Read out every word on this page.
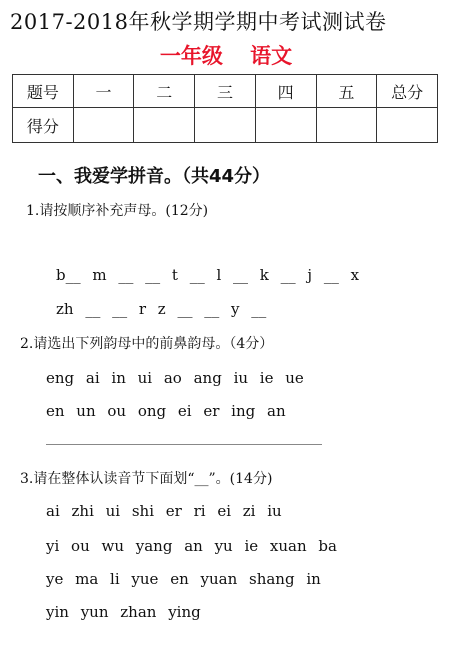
2017-2018年秋学期学期中考试测试卷
一年级 语文
题号	一	二	三	四	五	总分
得分						
一、我爱学拼音。（共44分）
1.请按顺序补充声母。(12分)
b__ m __ __ t __ l __ k __ j __ x
zh __ __ r z __ __ y __
2.请选出下列韵母中的前鼻韵母。（4分）
eng ai in ui ao ang iu ie ue
en un ou ong ei er ing an
3.请在整体认读音节下面划“__”。(14分)
ai zhi ui shi er ri ei zi iu
yi ou wu yang an yu ie xuan ba
ye ma li yue en yuan shang in
yin yun zhan ying
